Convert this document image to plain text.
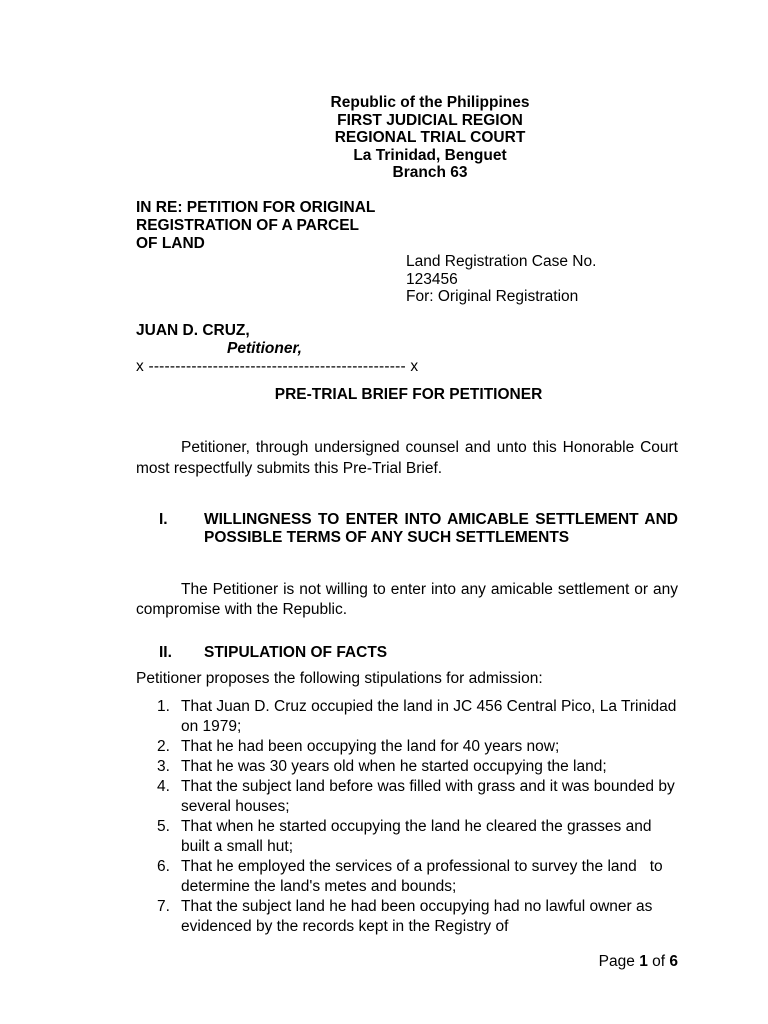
Republic of the Philippines
FIRST JUDICIAL REGION
REGIONAL TRIAL COURT
La Trinidad, Benguet
Branch 63
IN RE: PETITION FOR ORIGINAL
REGISTRATION OF A PARCEL
OF LAND
Land Registration Case No.
123456
For: Original Registration
JUAN D. CRUZ,
Petitioner,
x ------------------------------------------------ x
PRE-TRIAL BRIEF FOR PETITIONER
Petitioner, through undersigned counsel and unto this Honorable Court most respectfully submits this Pre-Trial Brief.
I. WILLINGNESS TO ENTER INTO AMICABLE SETTLEMENT AND POSSIBLE TERMS OF ANY SUCH SETTLEMENTS
The Petitioner is not willing to enter into any amicable settlement or any compromise with the Republic.
II. STIPULATION OF FACTS
Petitioner proposes the following stipulations for admission:
1. That Juan D. Cruz occupied the land in JC 456 Central Pico, La Trinidad on 1979;
2. That he had been occupying the land for 40 years now;
3. That he was 30 years old when he started occupying the land;
4. That the subject land before was filled with grass and it was bounded by several houses;
5. That when he started occupying the land he cleared the grasses and built a small hut;
6. That he employed the services of a professional to survey the land   to determine the land's metes and bounds;
7. That the subject land he had been occupying had no lawful owner as evidenced by the records kept in the Registry of
Page 1 of 6
